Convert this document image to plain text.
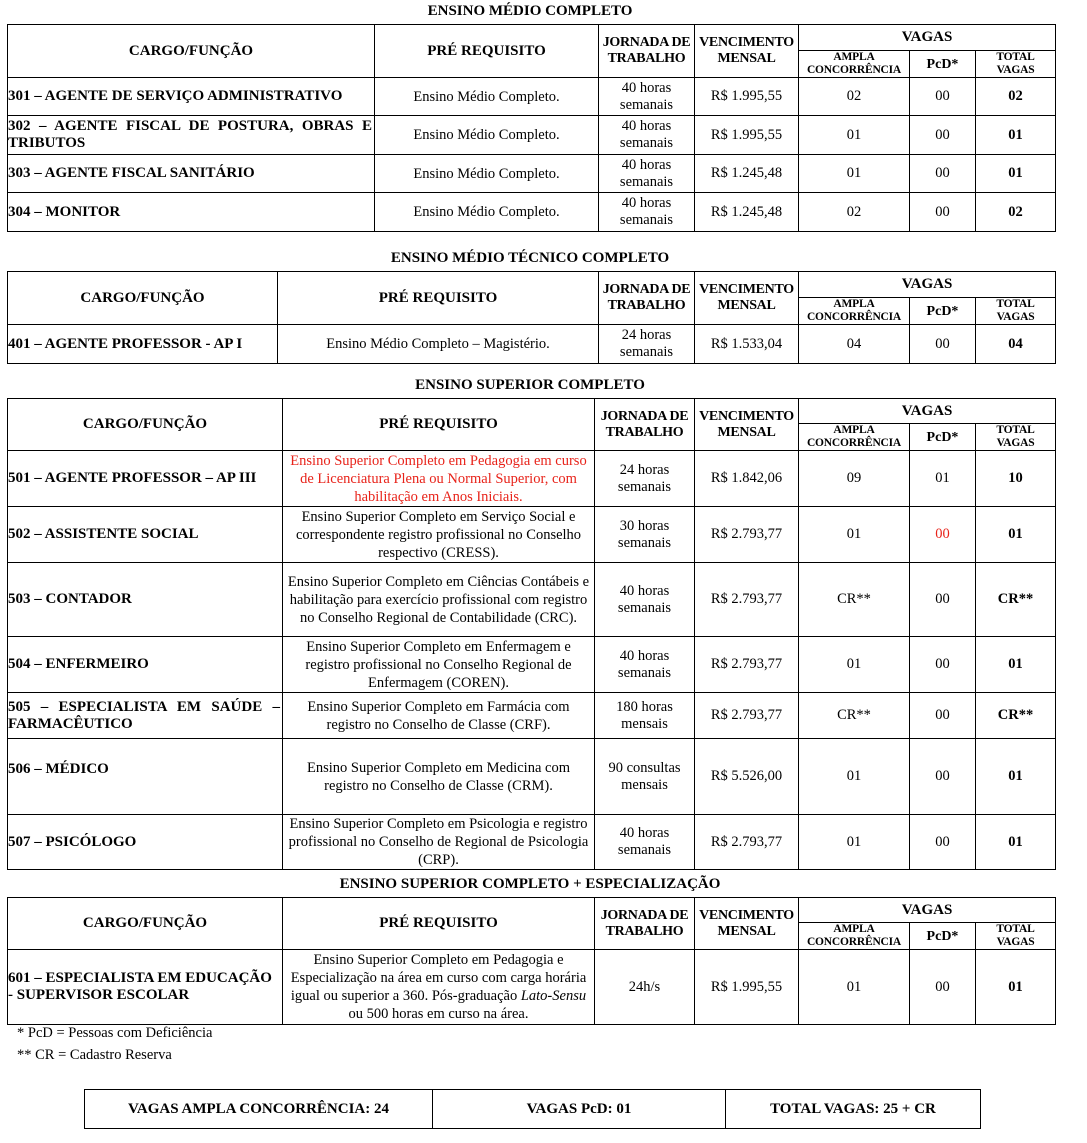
ENSINO MÉDIO COMPLETO
CARGO/FUNÇÃO	PRÉ REQUISITO	JORNADA DE TRABALHO	VENCIMENTO MENSAL	VAGAS		
				AMPLA CONCORRÊNCIA	PcD*	TOTAL VAGAS
301 – AGENTE DE SERVIÇO ADMINISTRATIVO	Ensino Médio Completo.	40 horas semanais	R$ 1.995,55	02	00	02
302 – AGENTE FISCAL DE POSTURA, OBRAS E TRIBUTOS	Ensino Médio Completo.	40 horas semanais	R$ 1.995,55	01	00	01
303 – AGENTE FISCAL SANITÁRIO	Ensino Médio Completo.	40 horas semanais	R$ 1.245,48	01	00	01
304 – MONITOR	Ensino Médio Completo.	40 horas semanais	R$ 1.245,48	02	00	02
ENSINO MÉDIO TÉCNICO COMPLETO
CARGO/FUNÇÃO	PRÉ REQUISITO	JORNADA DE TRABALHO	VENCIMENTO MENSAL	VAGAS		
				AMPLA CONCORRÊNCIA	PcD*	TOTAL VAGAS
401 – AGENTE PROFESSOR - AP I	Ensino Médio Completo – Magistério.	24 horas semanais	R$ 1.533,04	04	00	04
ENSINO SUPERIOR COMPLETO
CARGO/FUNÇÃO	PRÉ REQUISITO	JORNADA DE TRABALHO	VENCIMENTO MENSAL	VAGAS		
				AMPLA CONCORRÊNCIA	PcD*	TOTAL VAGAS
501 – AGENTE PROFESSOR – AP III	Ensino Superior Completo em Pedagogia em curso de Licenciatura Plena ou Normal Superior, com habilitação em Anos Iniciais.	24 horas semanais	R$ 1.842,06	09	01	10
502 – ASSISTENTE SOCIAL	Ensino Superior Completo em Serviço Social e correspondente registro profissional no Conselho respectivo (CRESS).	30 horas semanais	R$ 2.793,77	01	00	01
503 – CONTADOR	Ensino Superior Completo em Ciências Contábeis e habilitação para exercício profissional com registro no Conselho Regional de Contabilidade (CRC).	40 horas semanais	R$ 2.793,77	CR**	00	CR**
504 – ENFERMEIRO	Ensino Superior Completo em Enfermagem e registro profissional no Conselho Regional de Enfermagem (COREN).	40 horas semanais	R$ 2.793,77	01	00	01
505 – ESPECIALISTA EM SAÚDE – FARMACÊUTICO	Ensino Superior Completo em Farmácia com registro no Conselho de Classe (CRF).	180 horas mensais	R$ 2.793,77	CR**	00	CR**
506 – MÉDICO	Ensino Superior Completo em Medicina com registro no Conselho de Classe (CRM).	90 consultas mensais	R$ 5.526,00	01	00	01
507 – PSICÓLOGO	Ensino Superior Completo em Psicologia e registro profissional no Conselho de Regional de Psicologia (CRP).	40 horas semanais	R$ 2.793,77	01	00	01
ENSINO SUPERIOR COMPLETO + ESPECIALIZAÇÃO
CARGO/FUNÇÃO	PRÉ REQUISITO	JORNADA DE TRABALHO	VENCIMENTO MENSAL	VAGAS		
				AMPLA CONCORRÊNCIA	PcD*	TOTAL VAGAS
601 – ESPECIALISTA EM EDUCAÇÃO - SUPERVISOR ESCOLAR	Ensino Superior Completo em Pedagogia e Especialização na área em curso com carga horária igual ou superior a 360. Pós-graduação Lato-Sensu ou 500 horas em curso na área.	24h/s	R$ 1.995,55	01	00	01
* PcD = Pessoas com Deficiência
** CR = Cadastro Reserva
VAGAS AMPLA CONCORRÊNCIA: 24	VAGAS PcD: 01	TOTAL VAGAS: 25 + CR
